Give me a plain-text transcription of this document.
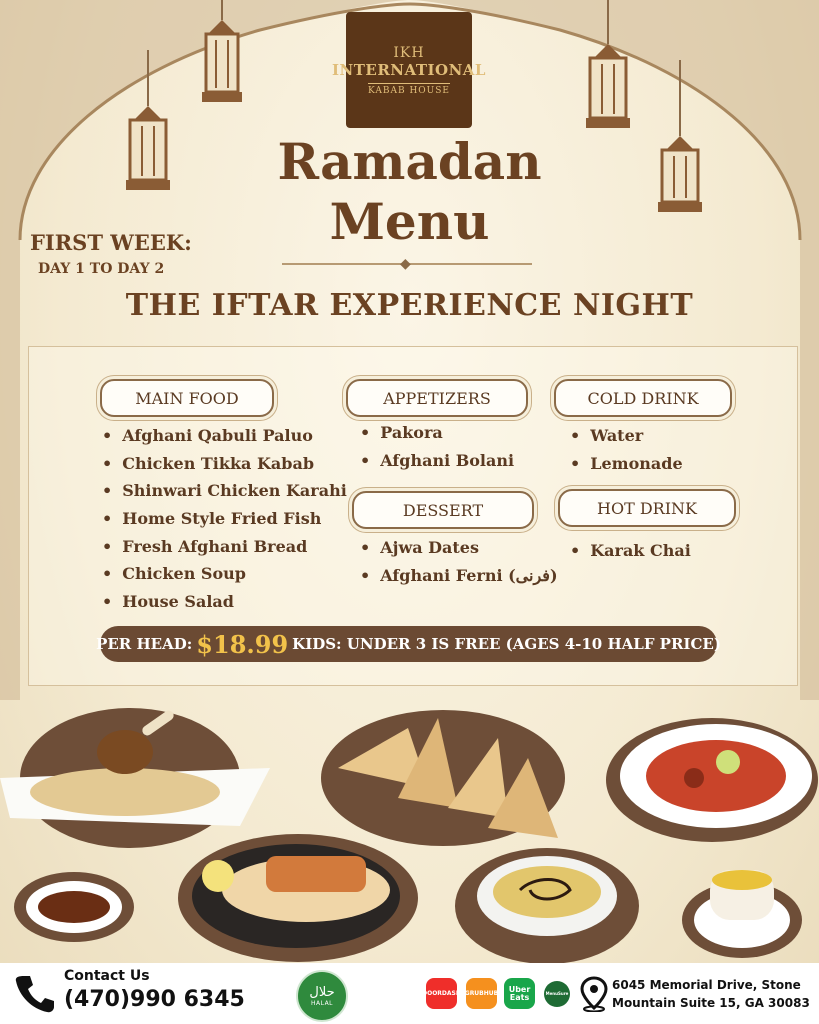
IKH
INTERNATIONAL
KABAB HOUSE
Ramadan
Menu
◆
FIRST WEEK:
DAY 1 TO DAY 2
THE IFTAR EXPERIENCE NIGHT
MAIN FOOD	APPETIZERS	COLD DRINK
DESSERT	HOT DRINK
• Afghani Qabuli Paluo
• Chicken Tikka Kabab
• Shinwari Chicken Karahi
• Home Style Fried Fish
• Fresh Afghani Bread
• Chicken Soup
• House Salad
• Pakora
• Afghani Bolani
• Ajwa Dates
• Afghani Ferni (فرنی)
• Water
• Lemonade
• Karak Chai
PER HEAD: $18.99 KIDS: UNDER 3 IS FREE (AGES 4-10 HALF PRICE)
Contact Us
(470)990 6345	حلال
HALAL
DOORDASH GRUBHUB	Uber Eats	MenuSure
6045 Memorial Drive, Stone
Mountain Suite 15, GA 30083
